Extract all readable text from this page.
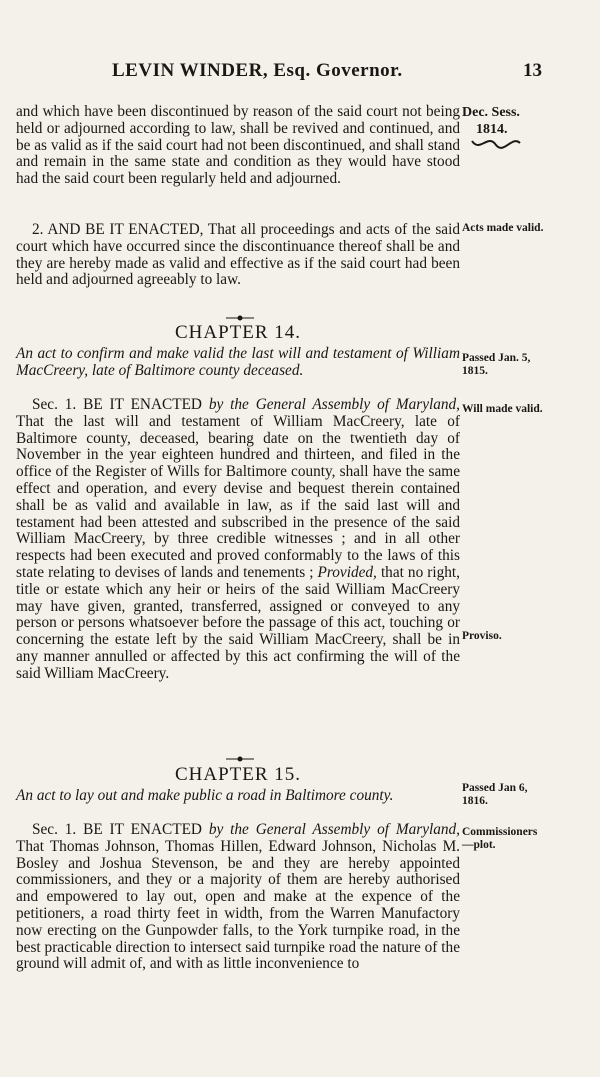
LEVIN WINDER, Esq. Governor.	13
Dec. Sess.
1814.
Acts made valid.
Passed Jan. 5, 1815.
Will made valid.
Proviso.
Passed Jan 6, 1816.
Commissioners—plot.

and which have been discontinued by reason of the said court not being held or adjourned according to law, shall be revived and continued, and be as valid as if the said court had not been discontinued, and shall stand and remain in the same state and condition as they would have stood had the said court been regularly held and adjourned.

2. AND BE IT ENACTED, That all proceedings and acts of the said court which have occurred since the discontinuance thereof shall be and they are hereby made as valid and effective as if the said court had been held and adjourned agreeably to law.

CHAPTER 14.
An act to confirm and make valid the last will and testament of William MacCreery, late of Baltimore county deceased.

Sec. 1. BE IT ENACTED by the General Assembly of Maryland, That the last will and testament of William MacCreery, late of Baltimore county, deceased, bearing date on the twentieth day of November in the year eighteen hundred and thirteen, and filed in the office of the Register of Wills for Baltimore county, shall have the same effect and operation, and every devise and bequest therein contained shall be as valid and available in law, as if the said last will and testament had been attested and subscribed in the presence of the said William MacCreery, by three credible witnesses ; and in all other respects had been executed and proved conformably to the laws of this state relating to devises of lands and tenements ; Provided, that no right, title or estate which any heir or heirs of the said William MacCreery may have given, granted, transferred, assigned or conveyed to any person or persons whatsoever before the passage of this act, touching or concerning the estate left by the said William MacCreery, shall be in any manner annulled or affected by this act confirming the will of the said William MacCreery.

CHAPTER 15.
An act to lay out and make public a road in Baltimore county.

Sec. 1. BE IT ENACTED by the General Assembly of Maryland, That Thomas Johnson, Thomas Hillen, Edward Johnson, Nicholas M. Bosley and Joshua Stevenson, be and they are hereby appointed commissioners, and they or a majority of them are hereby authorised and empowered to lay out, open and make at the expence of the petitioners, a road thirty feet in width, from the Warren Manufactory now erecting on the Gunpowder falls, to the York turnpike road, in the best practicable direction to intersect said turnpike road the nature of the ground will admit of, and with as little inconvenience to
